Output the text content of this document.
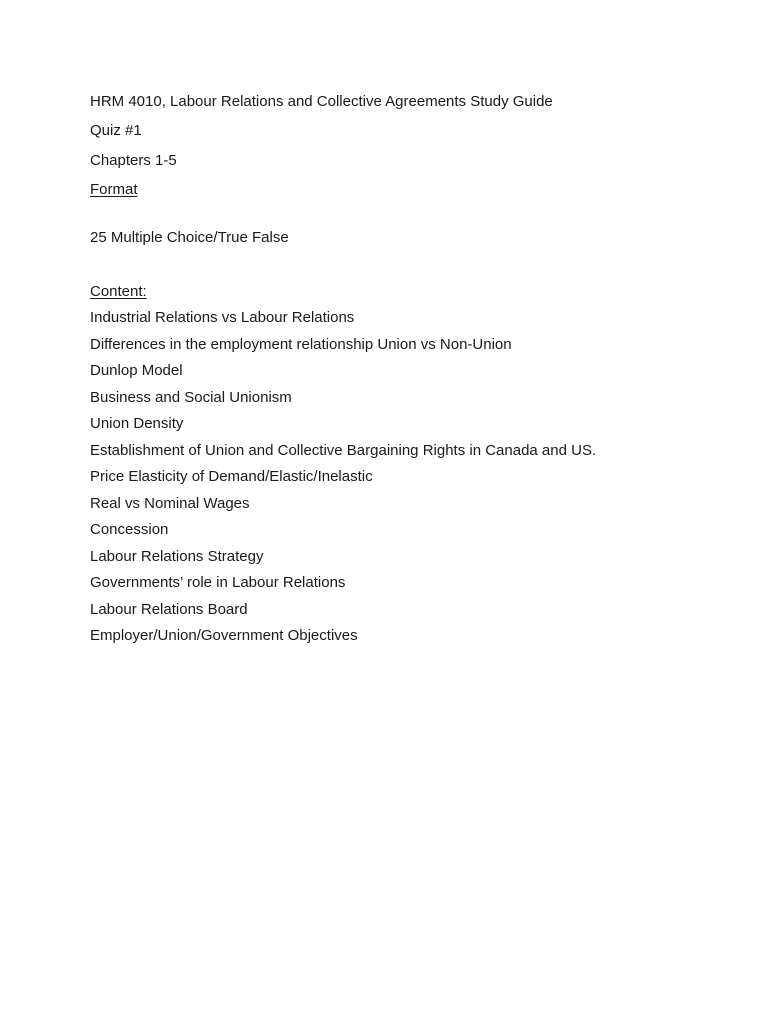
HRM 4010, Labour Relations and Collective Agreements Study Guide
Quiz #1
Chapters 1-5
Format
25 Multiple Choice/True False
Content:
Industrial Relations vs Labour Relations
Differences in the employment relationship Union vs Non-Union
Dunlop Model
Business and Social Unionism
Union Density
Establishment of Union and Collective Bargaining Rights in Canada and US.
Price Elasticity of Demand/Elastic/Inelastic
Real vs Nominal Wages
Concession
Labour Relations Strategy
Governments’ role in Labour Relations
Labour Relations Board
Employer/Union/Government Objectives
